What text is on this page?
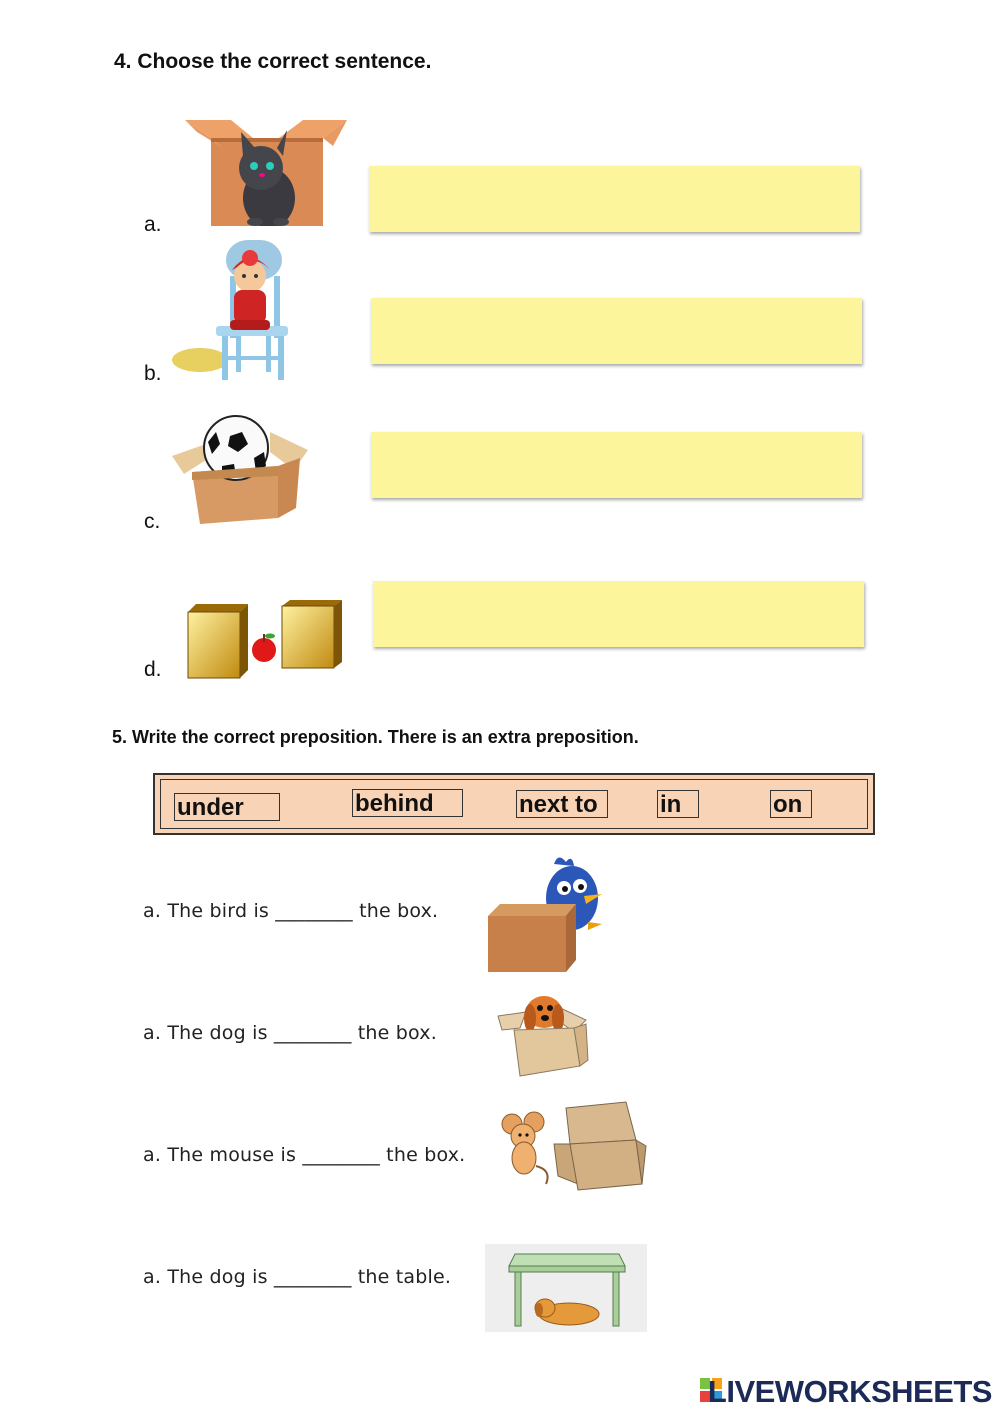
4. Choose the correct sentence.
a.
b.
c.
d.
5. Write the correct preposition. There is an extra preposition.
under	behind	next to	in	on
a. The bird is ________ the box.
a. The dog is ________ the box.
a. The mouse is ________ the box.
a. The dog is ________ the table.
LIVEWORKSHEETS
